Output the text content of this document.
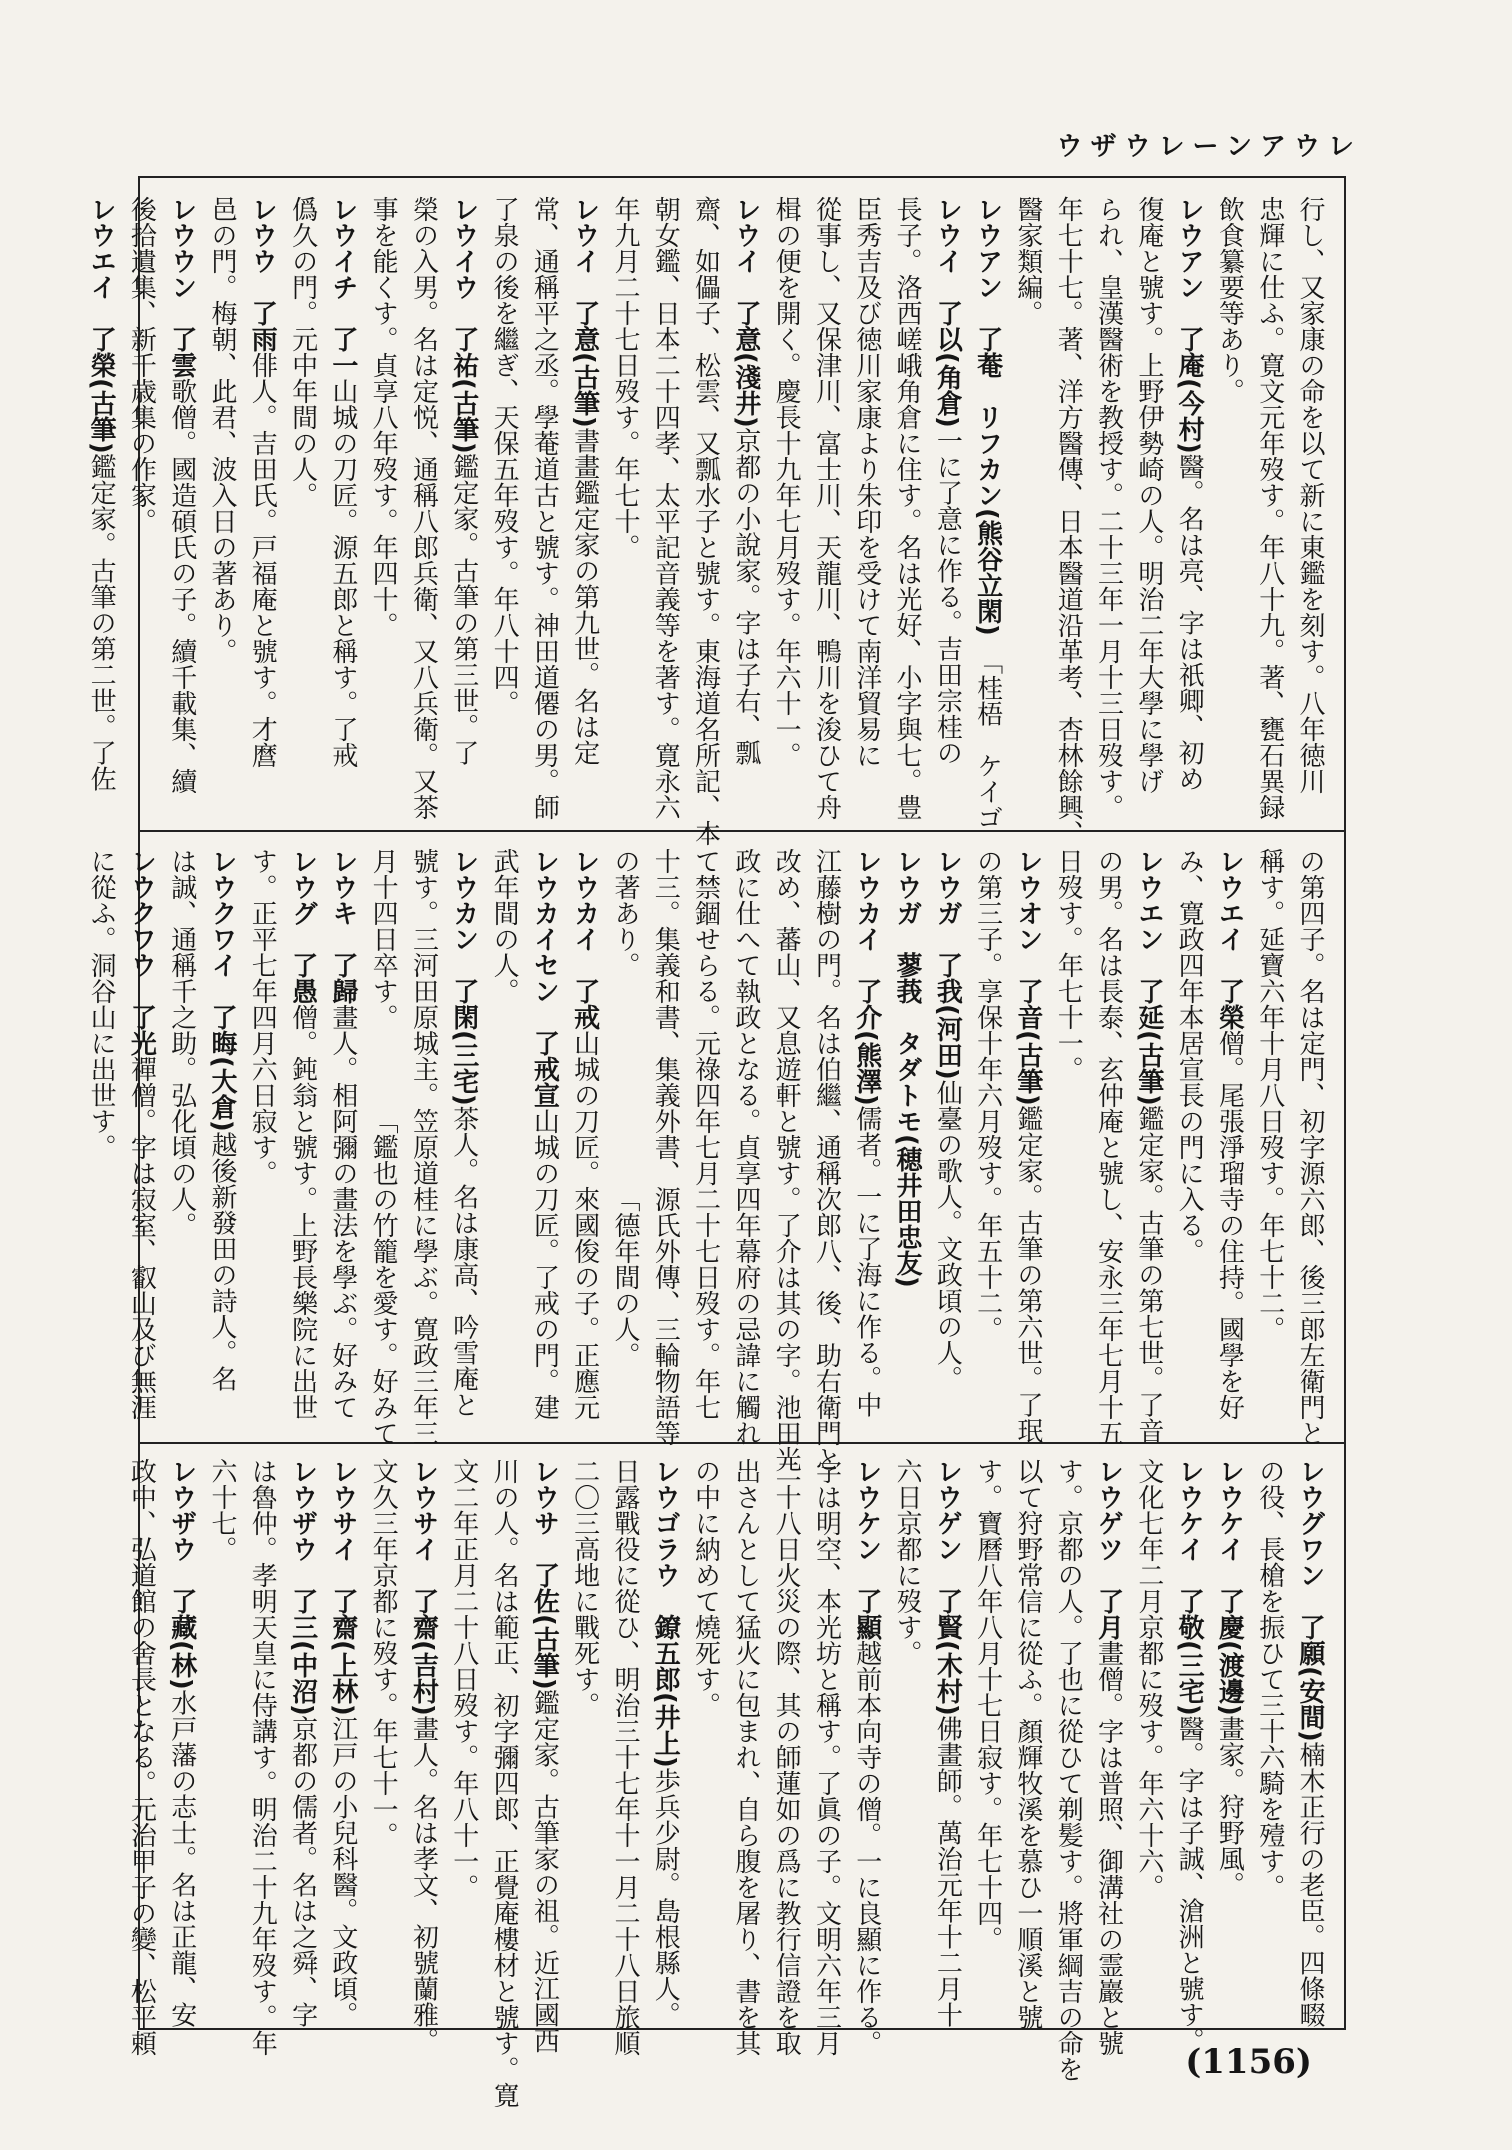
ウザウレーンアウレ
行し、又家康の命を以て新に東鑑を刻す。八年徳川
忠輝に仕ふ。寛文元年歿す。年八十九。著、甕石異録
飲食纂要等あり。
レウアン　了庵(今村)醫。名は亮、字は祇卿、初め
復庵と號す。上野伊勢崎の人。明治二年大學に學げ
られ、皇漢醫術を教授す。二十三年一月十三日歿す。
年七十七。著、洋方醫傳、日本醫道沿革考、杏林餘興、
醫家類編。
レウアン　了菴　リフカン(熊谷立閑)　「桂梧　ケイゴ
レウイ　了以(角倉)一に了意に作る。吉田宗桂の
長子。洛西嵯峨角倉に住す。名は光好、小字與七。豊
臣秀吉及び徳川家康より朱印を受けて南洋貿易に
從事し、又保津川、富士川、天龍川、鴨川を浚ひて舟
楫の便を開く。慶長十九年七月歿す。年六十一。
レウイ　了意(淺井)京都の小說家。字は子右、瓢
齋、如儡子、松雲、又瓢水子と號す。東海道名所記、本
朝女鑑、日本二十四孝、太平記音義等を著す。寛永六
年九月二十七日歿す。年七十。
レウイ　了意(古筆)書畫鑑定家の第九世。名は定
常、通稱平之丞。學菴道古と號す。神田道僊の男。師
了泉の後を繼ぎ、天保五年歿す。年八十四。
レウイウ　了祐(古筆)鑑定家。古筆の第三世。了
榮の入男。名は定悦、通稱八郎兵衛、又八兵衛。又茶
事を能くす。貞享八年歿す。年四十。
レウイチ　了一山城の刀匠。源五郎と稱す。了戒
僞久の門。元中年間の人。
レウウ　了雨俳人。吉田氏。戸福庵と號す。才麿
邑の門。梅朝、此君、波入日の著あり。
レウウン　了雲歌僧。國造碩氏の子。續千載集、續
後拾遺集、新千歳集の作家。
レウエイ　了榮(古筆)鑑定家。古筆の第二世。了佐
の第四子。名は定門、初字源六郎、後三郎左衛門と
稱す。延寶六年十月八日歿す。年七十二。
レウエイ　了榮僧。尾張淨瑠寺の住持。國學を好
み、寛政四年本居宣長の門に入る。
レウエン　了延(古筆)鑑定家。古筆の第七世。了音
の男。名は長泰、玄仲庵と號し、安永三年七月十五
日歿す。年七十一。
レウオン　了音(古筆)鑑定家。古筆の第六世。了珉
の第三子。享保十年六月歿す。年五十二。
レウガ　了我(河田)仙臺の歌人。文政頃の人。
レウガ　蓼莪　タダトモ(穂井田忠友)
レウカイ　了介(熊澤)儒者。一に了海に作る。中
江藤樹の門。名は伯繼、通稱次郎八、後、助右衛門と
改め、蕃山、又息遊軒と號す。了介は其の字。池田光
政に仕へて執政となる。貞享四年幕府の忌諱に觸れ
て禁錮せらる。元祿四年七月二十七日歿す。年七
十三。集義和書、集義外書、源氏外傳、三輪物語等
の著あり。　　　　　　　　　「德年間の人。
レウカイ　了戒山城の刀匠。來國俊の子。正應元
レウカイセン　了戒宣山城の刀匠。了戒の門。建
武年間の人。
レウカン　了閑(三宅)茶人。名は康高、吟雪庵と
號す。三河田原城主。笠原道桂に學ぶ。寛政三年三
月十四日卒す。　　　　「鑑也の竹籠を愛す。好みて
レウキ　了歸畫人。相阿彌の畫法を學ぶ。好みて
レウグ　了愚僧。鈍翁と號す。上野長樂院に出世
す。正平七年四月六日寂す。
レウクワイ　了晦(大倉)越後新發田の詩人。名
は誠、通稱千之助。弘化頃の人。
レウクワウ　了光禪僧。字は寂室、叡山及び無涯
に從ふ。洞谷山に出世す。
レウグワン　了願(安間)楠木正行の老臣。四條畷
の役、長槍を振ひて三十六騎を殪す。
レウケイ　了慶(渡邊)畫家。狩野風。
レウケイ　了敬(三宅)醫。字は子誠、滄洲と號す。
文化七年二月京都に歿す。年六十六。
レウゲツ　了月畫僧。字は普照、御溝社の霊巖と號
す。京都の人。了也に從ひて剃髪す。將軍綱吉の命を
以て狩野常信に從ふ。顏輝牧溪を慕ひ一順溪と號
す。寶曆八年八月十七日寂す。年七十四。
レウゲン　了賢(木村)佛畫師。萬治元年十二月十
六日京都に歿す。
レウケン　了顯越前本向寺の僧。一に良顯に作る。
字は明空、本光坊と稱す。了眞の子。文明六年三月
二十八日火災の際、其の師蓮如の爲に教行信證を取
出さんとして猛火に包まれ、自ら腹を屠り、書を其
の中に納めて燒死す。
レウゴラウ　鐐五郎(井上)歩兵少尉。島根縣人。
日露戰役に從ひ、明治三十七年十一月二十八日旅順
二〇三高地に戰死す。
レウサ　了佐(古筆)鑑定家。古筆家の祖。近江國西
川の人。名は範正、初字彌四郎、正覺庵樓材と號す。寛
文二年正月二十八日歿す。年八十一。
レウサイ　了齋(吉村)畫人。名は孝文、初號蘭雅。
文久三年京都に歿す。年七十一。
レウサイ　了齋(上林)江戸の小兒科醫。文政頃。
レウザウ　了三(中沼)京都の儒者。名は之舜、字
は魯仲。孝明天皇に侍講す。明治二十九年歿す。年
六十七。
レウザウ　了藏(林)水戸藩の志士。名は正龍、安
政中、弘道館の舍長となる。元治甲子の變、松平頼
(1156)
